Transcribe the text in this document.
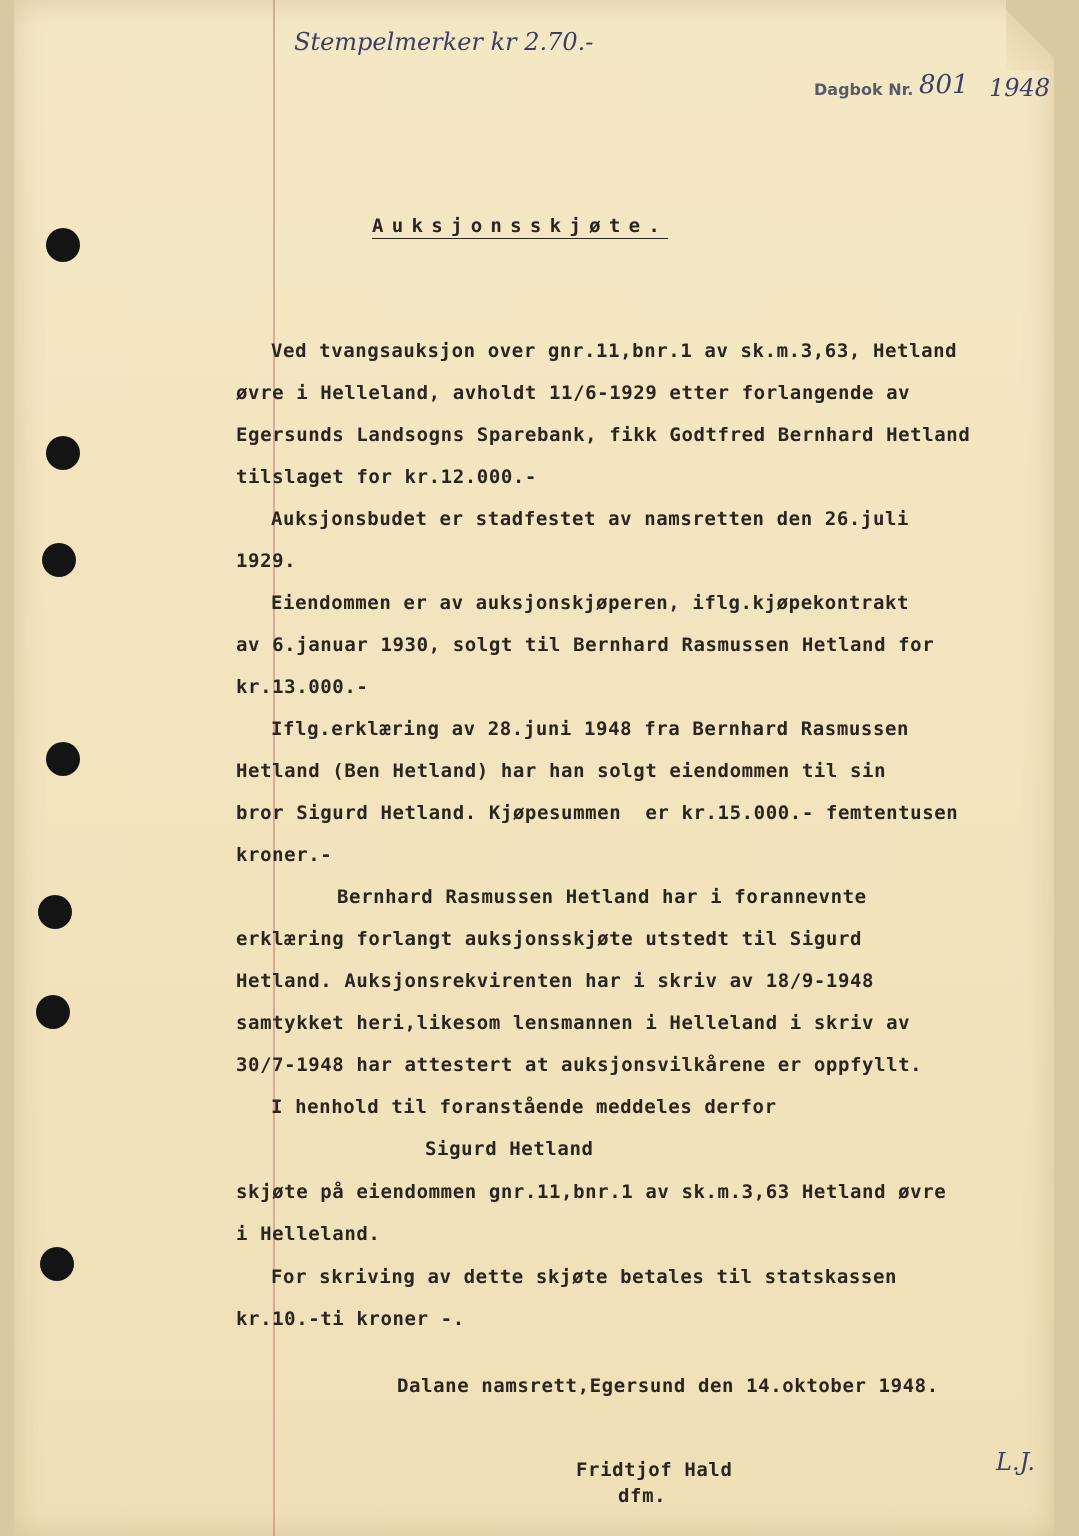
Stempelmerker kr 2.70.-
Dagbok Nr. 801 1948
Auksjonsskjøte.
Ved tvangsauksjon over gnr.11,bnr.1 av sk.m.3,63, Hetland
øvre i Helleland, avholdt 11/6-1929 etter forlangende av
Egersunds Landsogns Sparebank, fikk Godtfred Bernhard Hetland
tilslaget for kr.12.000.-
Auksjonsbudet er stadfestet av namsretten den 26.juli
1929.
Eiendommen er av auksjonskjøperen, iflg.kjøpekontrakt
av 6.januar 1930, solgt til Bernhard Rasmussen Hetland for
kr.13.000.-
Iflg.erklæring av 28.juni 1948 fra Bernhard Rasmussen
Hetland (Ben Hetland) har han solgt eiendommen til sin
bror Sigurd Hetland. Kjøpesummen  er kr.15.000.- femtentusen
kroner.-
Bernhard Rasmussen Hetland har i forannevnte
erklæring forlangt auksjonsskjøte utstedt til Sigurd
Hetland. Auksjonsrekvirenten har i skriv av 18/9-1948
samtykket heri,likesom lensmannen i Helleland i skriv av
30/7-1948 har attestert at auksjonsvilkårene er oppfyllt.
I henhold til foranstående meddeles derfor
Sigurd Hetland
skjøte på eiendommen gnr.11,bnr.1 av sk.m.3,63 Hetland øvre
i Helleland.
For skriving av dette skjøte betales til statskassen
kr.10.-ti kroner -.
Dalane namsrett,Egersund den 14.oktober 1948.
Fridtjof Hald
dfm.
L.J.
